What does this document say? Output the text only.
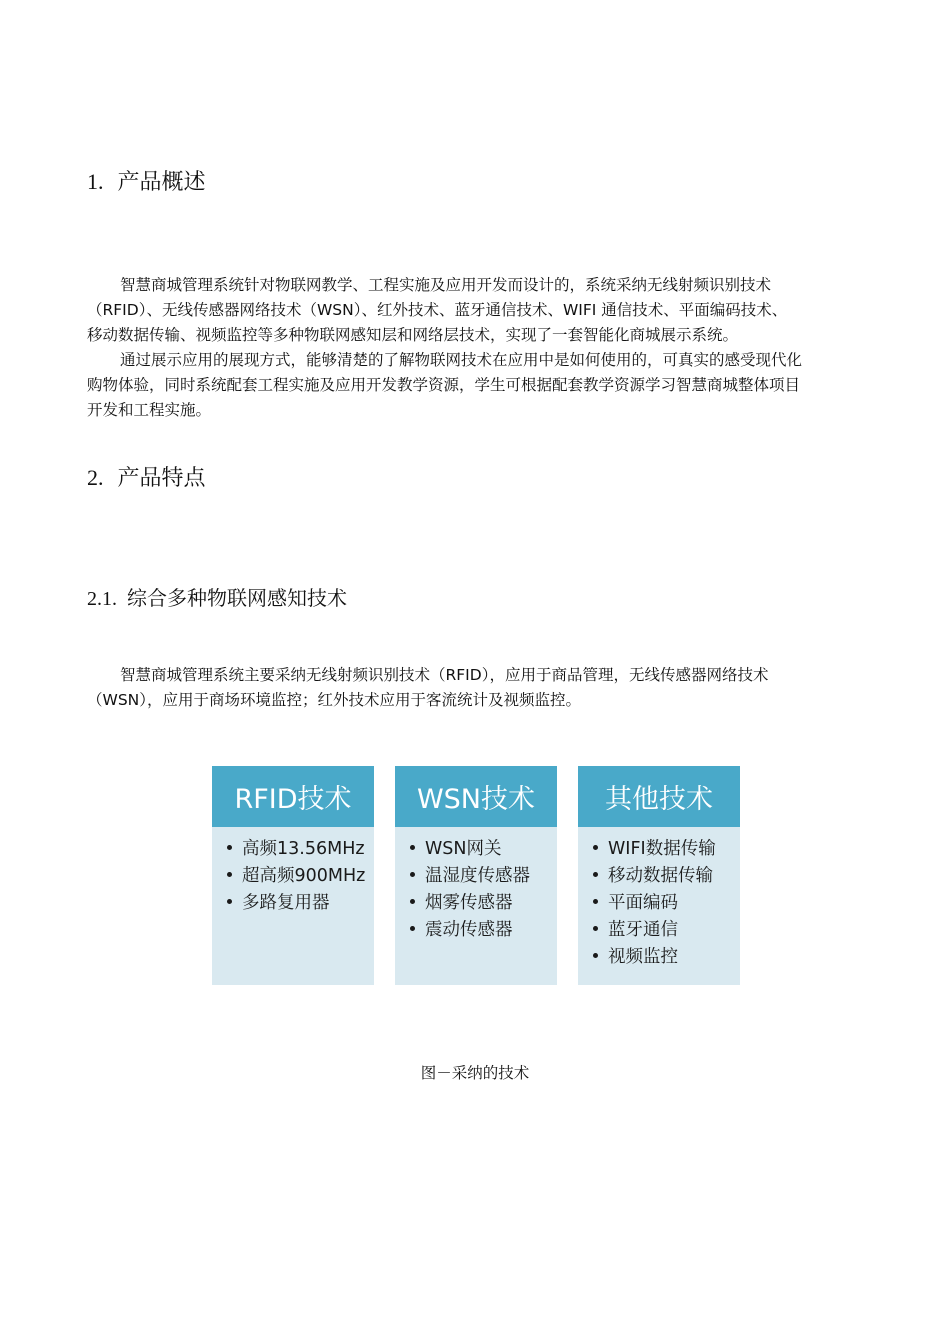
1. 产品概述

智慧商城管理系统针对物联网教学、工程实施及应用开发而设计的，系统采纳无线射频识别技术
（RFID）、无线传感器网络技术（WSN）、红外技术、蓝牙通信技术、WIFI 通信技术、平面编码技术、
移动数据传输、视频监控等多种物联网感知层和网络层技术，实现了一套智能化商城展示系统。

通过展示应用的展现方式，能够清楚的了解物联网技术在应用中是如何使用的，可真实的感受现代化
购物体验，同时系统配套工程实施及应用开发教学资源，学生可根据配套教学资源学习智慧商城整体项目
开发和工程实施。

2. 产品特点
2.1. 综合多种物联网感知技术

智慧商城管理系统主要采纳无线射频识别技术（RFID），应用于商品管理，无线传感器网络技术
（WSN），应用于商场环境监控；红外技术应用于客流统计及视频监控。

RFID技术
高频13.56MHz
超高频900MHz
多路复用器
WSN技术
WSN网关
温湿度传感器
烟雾传感器
震动传感器
其他技术
WIFI数据传输
移动数据传输
平面编码
蓝牙通信
视频监控

图－采纳的技术
